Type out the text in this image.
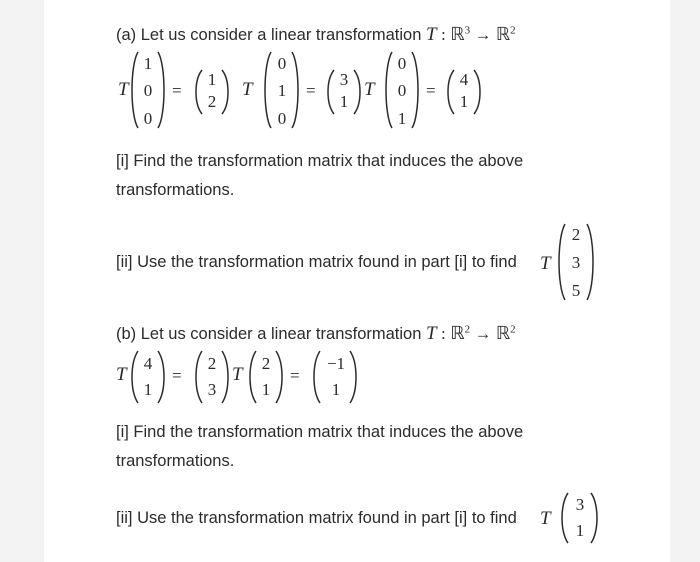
(a) Let us consider a linear transformation T : ℝ$^3$ → ℝ$^2$
T
1
0
0
=
1
2
T
0
1
0
=
3
1
T
0
0
1
=
4
1
[i] Find the transformation matrix that induces the above
transformations.
[ii] Use the transformation matrix found in part [i] to find T
2
3
5
(b) Let us consider a linear transformation T : ℝ$^2$ → ℝ$^2$
T
4
1
=
2
3
T
2
1
=
−1
1
[i] Find the transformation matrix that induces the above
transformations.
[ii] Use the transformation matrix found in part [i] to find T
3
1
